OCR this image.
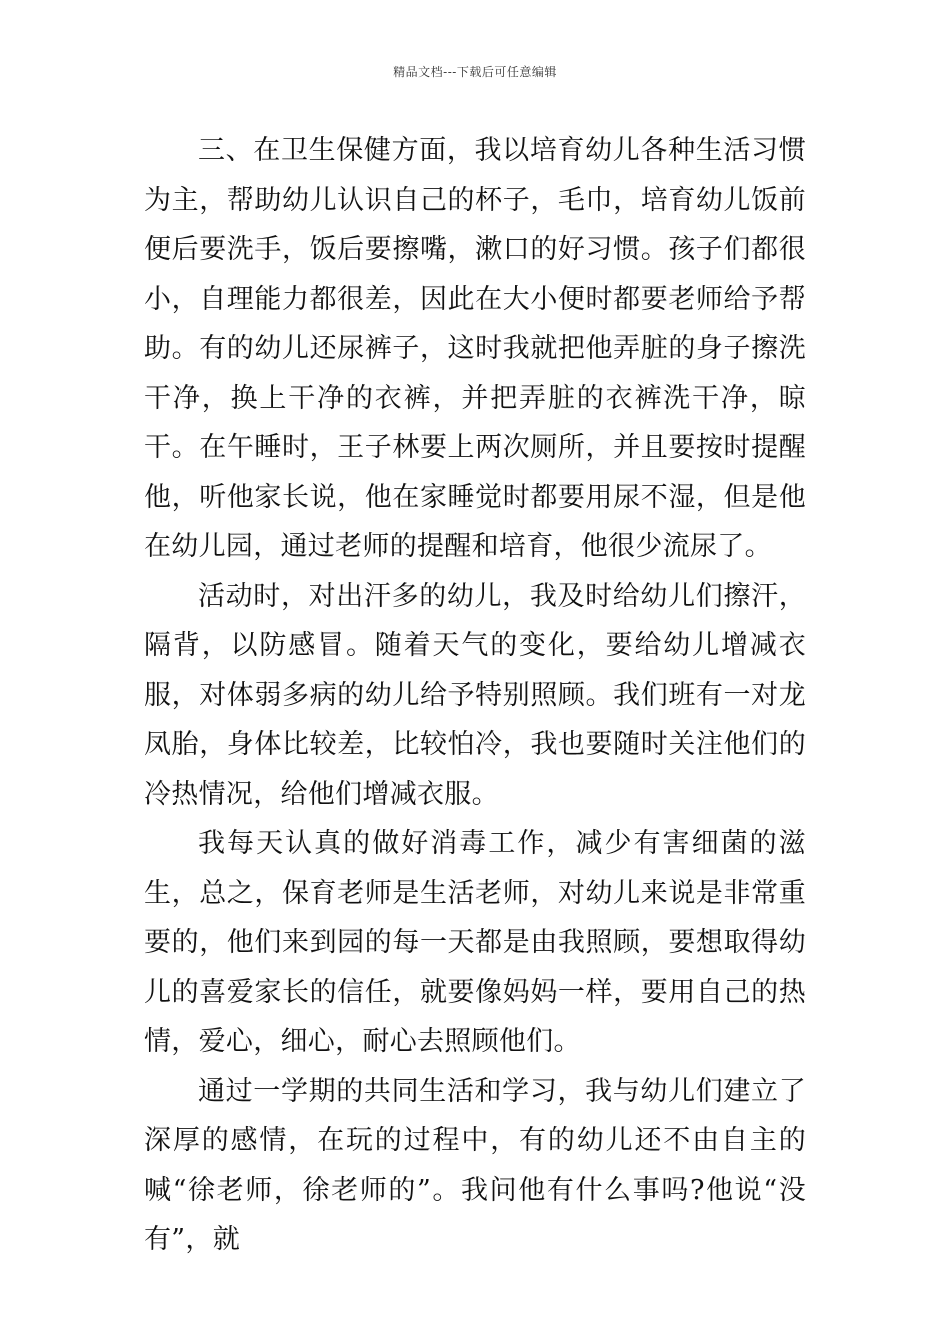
精品文档---下载后可任意编辑

三、在卫生保健方面，我以培育幼儿各种生活习惯为主，帮助幼儿认识自己的杯子，毛巾，培育幼儿饭前便后要洗手，饭后要擦嘴，漱口的好习惯。孩子们都很小，自理能力都很差，因此在大小便时都要老师给予帮助。有的幼儿还尿裤子，这时我就把他弄脏的身子擦洗干净，换上干净的衣裤，并把弄脏的衣裤洗干净，晾干。在午睡时，王子林要上两次厕所，并且要按时提醒他，听他家长说，他在家睡觉时都要用尿不湿，但是他在幼儿园，通过老师的提醒和培育，他很少流尿了。

活动时，对出汗多的幼儿，我及时给幼儿们擦汗，隔背，以防感冒。随着天气的变化，要给幼儿增减衣服，对体弱多病的幼儿给予特别照顾。我们班有一对龙凤胎，身体比较差，比较怕冷，我也要随时关注他们的冷热情况，给他们增减衣服。

我每天认真的做好消毒工作，减少有害细菌的滋生，总之，保育老师是生活老师，对幼儿来说是非常重要的，他们来到园的每一天都是由我照顾，要想取得幼儿的喜爱家长的信任，就要像妈妈一样，要用自己的热情，爱心，细心，耐心去照顾他们。

通过一学期的共同生活和学习，我与幼儿们建立了深厚的感情，在玩的过程中，有的幼儿还不由自主的喊“徐老师，徐老师的”。我问他有什么事吗?他说“没有”，就
